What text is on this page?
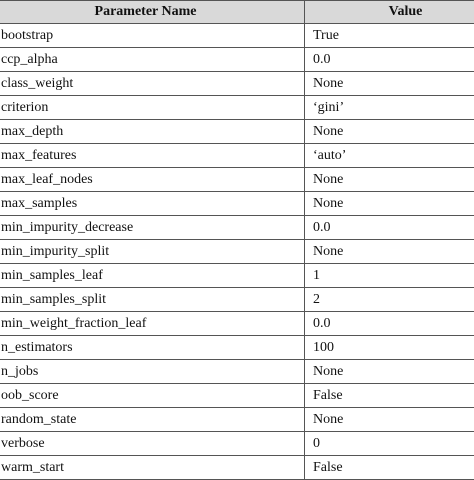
Parameter Name	Value
bootstrap	True
ccp_alpha	0.0
class_weight	None
criterion	‘gini’
max_depth	None
max_features	‘auto’
max_leaf_nodes	None
max_samples	None
min_impurity_decrease	0.0
min_impurity_split	None
min_samples_leaf	1
min_samples_split	2
min_weight_fraction_leaf	0.0
n_estimators	100
n_jobs	None
oob_score	False
random_state	None
verbose	0
warm_start	False
